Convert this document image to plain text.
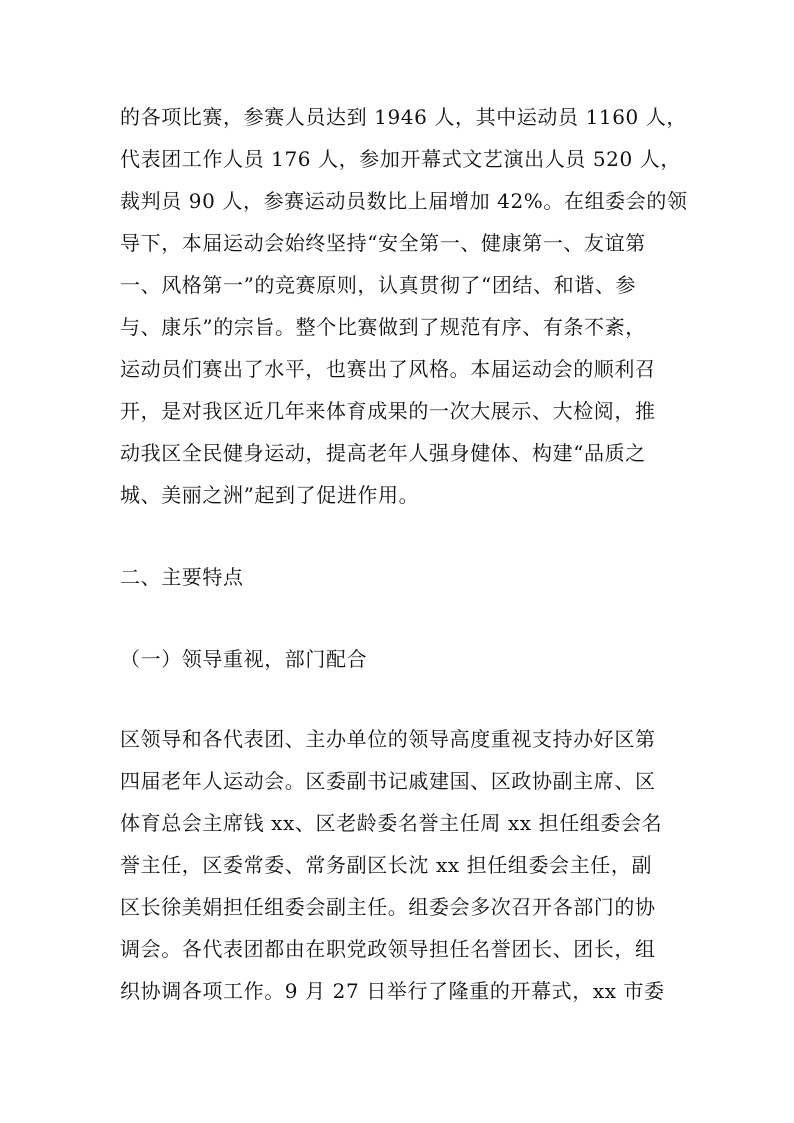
的各项比赛，参赛人员达到 1946 人，其中运动员 1160 人，
代表团工作人员 176 人，参加开幕式文艺演出人员 520 人，
裁判员 90 人，参赛运动员数比上届增加 42%。在组委会的领
导下，本届运动会始终坚持“安全第一、健康第一、友谊第
一、风格第一”的竞赛原则，认真贯彻了“团结、和谐、参
与、康乐”的宗旨。整个比赛做到了规范有序、有条不紊，
运动员们赛出了水平，也赛出了风格。本届运动会的顺利召
开，是对我区近几年来体育成果的一次大展示、大检阅，推
动我区全民健身运动，提高老年人强身健体、构建“品质之
城、美丽之洲”起到了促进作用。
二、主要特点
（一）领导重视，部门配合
区领导和各代表团、主办单位的领导高度重视支持办好区第
四届老年人运动会。区委副书记戚建国、区政协副主席、区
体育总会主席钱 xx、区老龄委名誉主任周 xx 担任组委会名
誉主任，区委常委、常务副区长沈 xx 担任组委会主任，副
区长徐美娟担任组委会副主任。组委会多次召开各部门的协
调会。各代表团都由在职党政领导担任名誉团长、团长，组
织协调各项工作。9 月 27 日举行了隆重的开幕式，xx 市委
